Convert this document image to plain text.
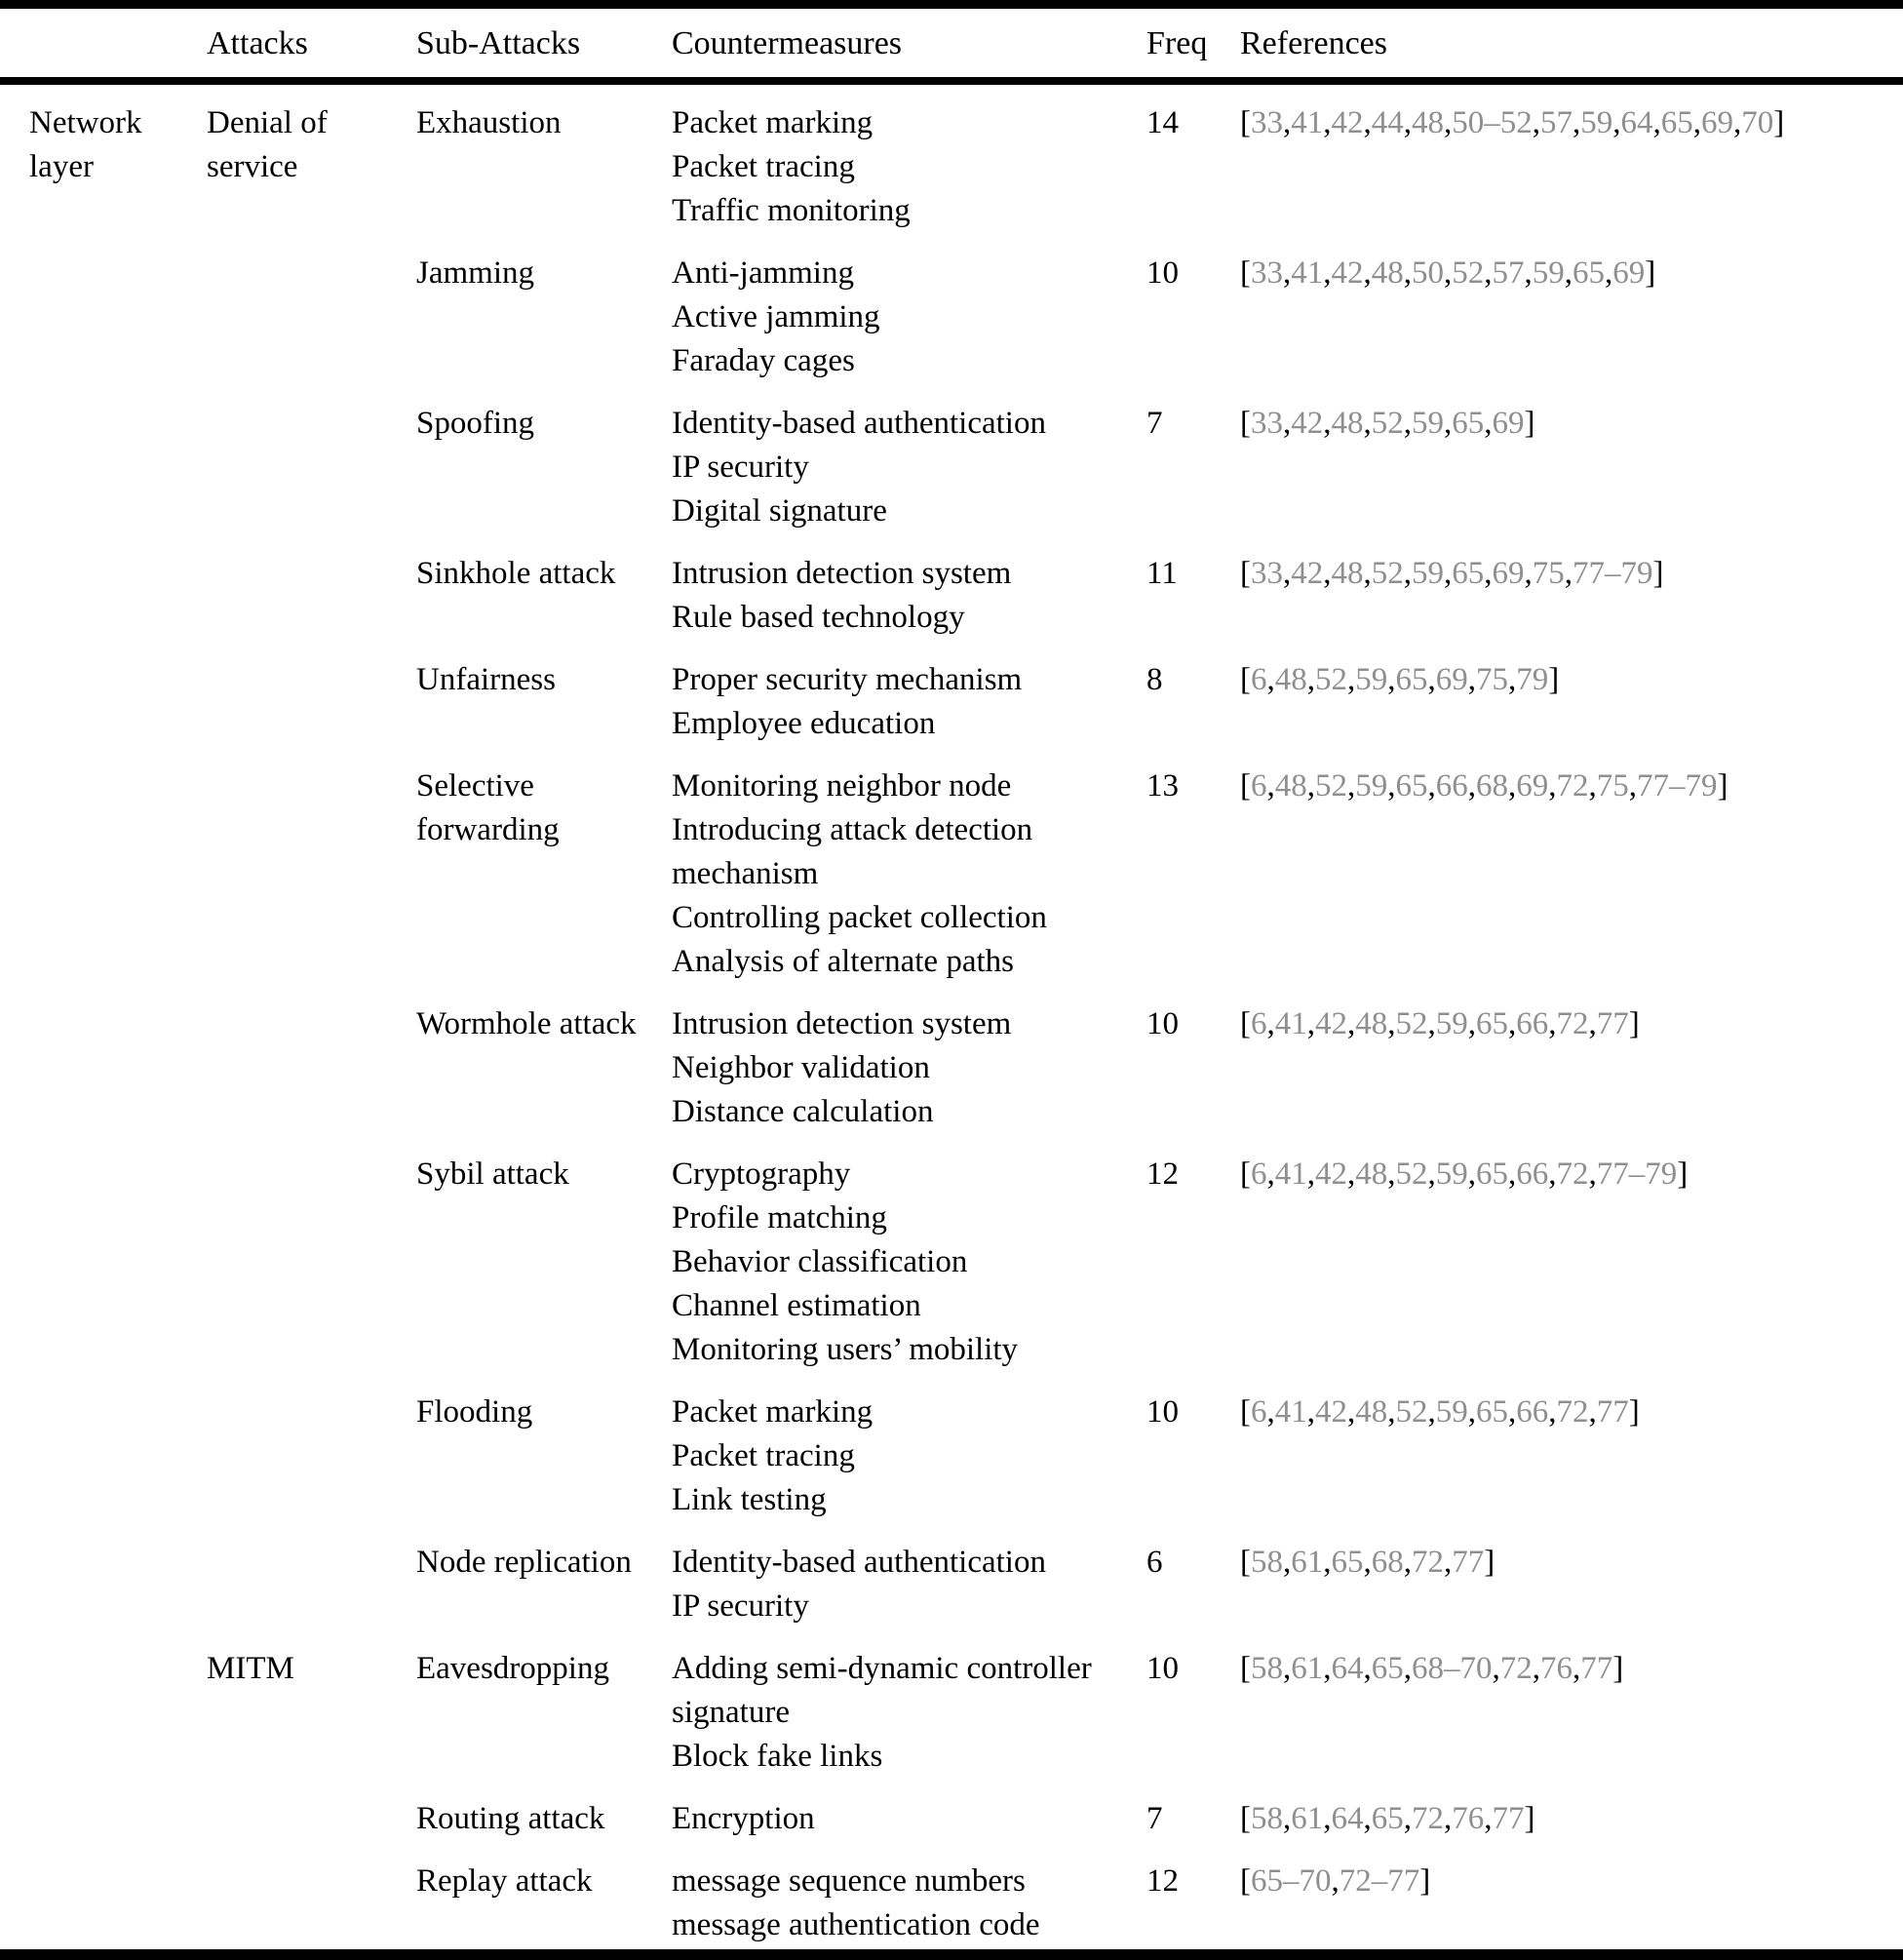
	Attacks	Sub-Attacks	Countermeasures	Freq	References
Network layer	Denial of service	Exhaustion	Packet marking
Packet tracing
Traffic monitoring	14	[33,41,42,44,48,50–52,57,59,64,65,69,70]
		Jamming	Anti-jamming
Active jamming
Faraday cages	10	[33,41,42,48,50,52,57,59,65,69]
		Spoofing	Identity-based authentication
IP security
Digital signature	7	[33,42,48,52,59,65,69]
		Sinkhole attack	Intrusion detection system
Rule based technology	11	[33,42,48,52,59,65,69,75,77–79]
		Unfairness	Proper security mechanism
Employee education	8	[6,48,52,59,65,69,75,79]
		Selective forwarding	Monitoring neighbor node
Introducing attack detection mechanism
Controlling packet collection
Analysis of alternate paths	13	[6,48,52,59,65,66,68,69,72,75,77–79]
		Wormhole attack	Intrusion detection system
Neighbor validation
Distance calculation	10	[6,41,42,48,52,59,65,66,72,77]
		Sybil attack	Cryptography
Profile matching
Behavior classification
Channel estimation
Monitoring users’ mobility	12	[6,41,42,48,52,59,65,66,72,77–79]
		Flooding	Packet marking
Packet tracing
Link testing	10	[6,41,42,48,52,59,65,66,72,77]
		Node replication	Identity-based authentication
IP security	6	[58,61,65,68,72,77]
	MITM	Eavesdropping	Adding semi-dynamic controller signature
Block fake links	10	[58,61,64,65,68–70,72,76,77]
		Routing attack	Encryption	7	[58,61,64,65,72,76,77]
		Replay attack	message sequence numbers
message authentication code	12	[65–70,72–77]
